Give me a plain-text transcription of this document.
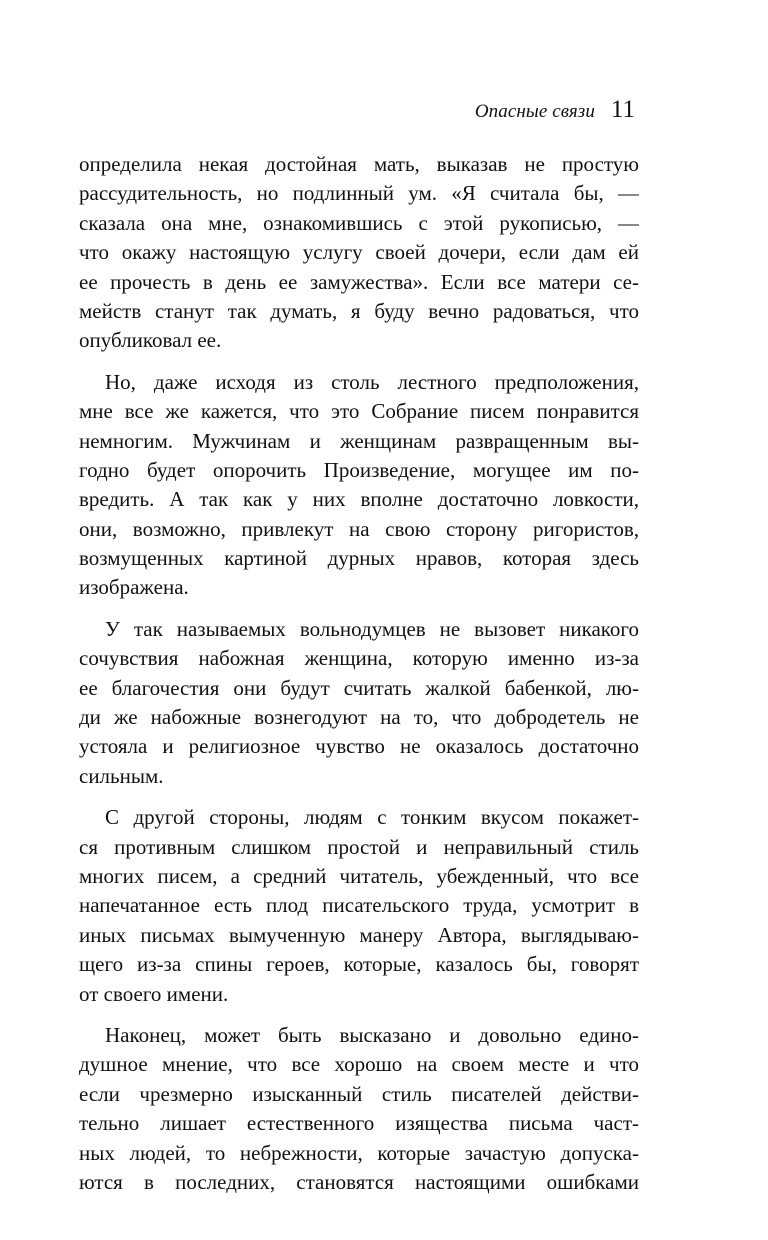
Опасные связи 11
определила некая достойная мать, выказав не простую
рассудительность, но подлинный ум. «Я считала бы, —
сказала она мне, ознакомившись с этой рукописью, —
что окажу настоящую услугу своей дочери, если дам ей
ее прочесть в день ее замужества». Если все матери се-
мейств станут так думать, я буду вечно радоваться, что
опубликовал ее.
Но, даже исходя из столь лестного предположения,
мне все же кажется, что это Собрание писем понравится
немногим. Мужчинам и женщинам развращенным вы-
годно будет опорочить Произведение, могущее им по-
вредить. А так как у них вполне достаточно ловкости,
они, возможно, привлекут на свою сторону ригористов,
возмущенных картиной дурных нравов, которая здесь
изображена.
У так называемых вольнодумцев не вызовет никакого
сочувствия набожная женщина, которую именно из-за
ее благочестия они будут считать жалкой бабенкой, лю-
ди же набожные вознегодуют на то, что добродетель не
устояла и религиозное чувство не оказалось достаточно
сильным.
С другой стороны, людям с тонким вкусом покажет-
ся противным слишком простой и неправильный стиль
многих писем, а средний читатель, убежденный, что все
напечатанное есть плод писательского труда, усмотрит в
иных письмах вымученную манеру Автора, выглядываю-
щего из-за спины героев, которые, казалось бы, говорят
от своего имени.
Наконец, может быть высказано и довольно едино-
душное мнение, что все хорошо на своем месте и что
если чрезмерно изысканный стиль писателей действи-
тельно лишает естественного изящества письма част-
ных людей, то небрежности, которые зачастую допуска-
ются в последних, становятся настоящими ошибками
